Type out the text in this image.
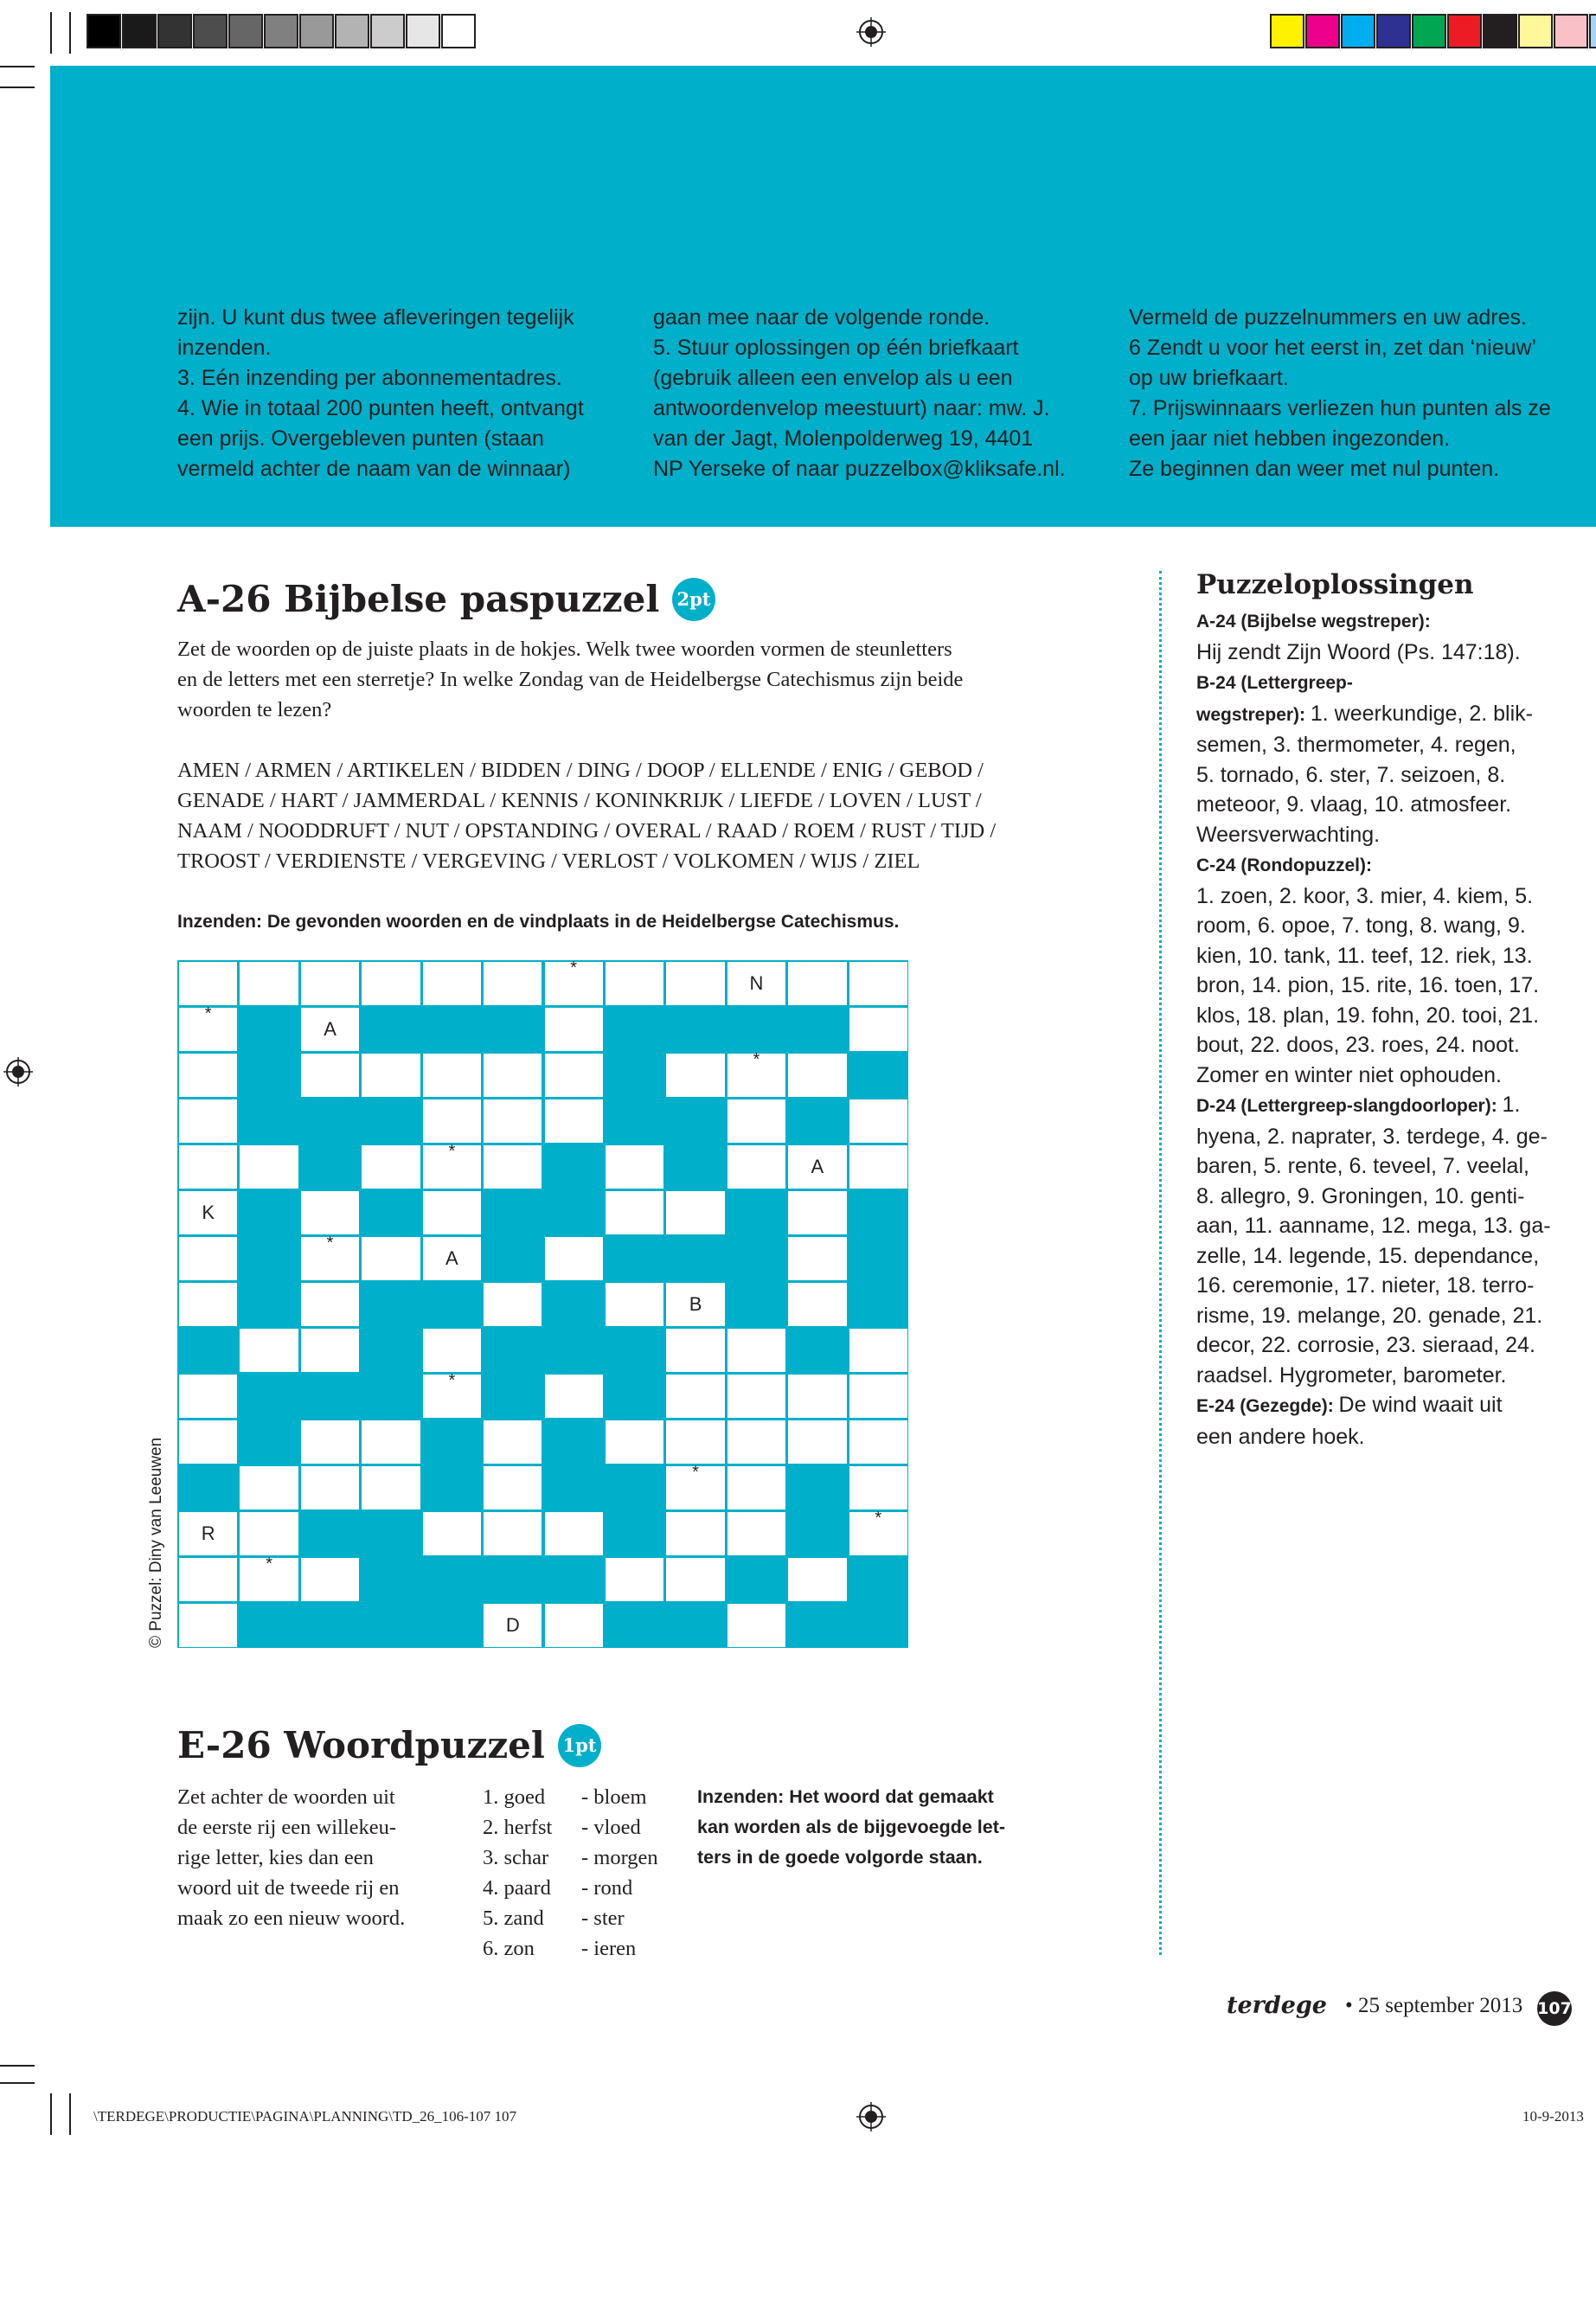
zijn. U kunt dus twee afleveringen tegelijk
inzenden.
3. Eén inzending per abonnementadres.
4. Wie in totaal 200 punten heeft, ontvangt
een prijs. Overgebleven punten (staan
vermeld achter de naam van de winnaar)
gaan mee naar de volgende ronde.
5. Stuur oplossingen op één briefkaart
(gebruik alleen een envelop als u een
antwoordenvelop meestuurt) naar: mw. J.
van der Jagt, Molenpolderweg 19, 4401
NP Yerseke of naar puzzelbox@kliksafe.nl.
Vermeld de puzzelnummers en uw adres.
6 Zendt u voor het eerst in, zet dan ‘nieuw’
op uw briefkaart.
7. Prijswinnaars verliezen hun punten als ze
een jaar niet hebben ingezonden.
Ze beginnen dan weer met nul punten.
A-26 Bijbelse paspuzzel 2pt
Zet de woorden op de juiste plaats in de hokjes. Welk twee woorden vormen de steunletters
en de letters met een sterretje? In welke Zondag van de Heidelbergse Catechismus zijn beide
woorden te lezen?
AMEN / ARMEN / ARTIKELEN / BIDDEN / DING / DOOP / ELLENDE / ENIG / GEBOD /
GENADE / HART / JAMMERDAL / KENNIS / KONINKRIJK / LIEFDE / LOVEN / LUST /
NAAM / NOODDRUFT / NUT / OPSTANDING / OVERAL / RAAD / ROEM / RUST / TIJD /
TROOST / VERDIENSTE / VERGEVING / VERLOST / VOLKOMEN / WIJS / ZIEL
Inzenden: De gevonden woorden en de vindplaats in de Heidelbergse Catechismus.
*
N
*
A
*
*
A
K
*
A
B
*
*
R
*
*
D
© Puzzel: Diny van Leeuwen
E-26 Woordpuzzel 1pt
Zet achter de woorden uit
de eerste rij een willekeu-
rige letter, kies dan een
woord uit de tweede rij en
maak zo een nieuw woord.
1. goed
2. herfst
3. schar
4. paard
5. zand
6. zon
- bloem
- vloed
- morgen
- rond
- ster
- ieren
Inzenden: Het woord dat gemaakt
kan worden als de bijgevoegde let-
ters in de goede volgorde staan.
Puzzeloplossingen
A-24 (Bijbelse wegstreper):
Hij zendt Zijn Woord (Ps. 147:18).
B-24 (Lettergreep-
wegstreper): 1. weerkundige, 2. blik-
semen, 3. thermometer, 4. regen,
5. tornado, 6. ster, 7. seizoen, 8.
meteoor, 9. vlaag, 10. atmosfeer.
Weersverwachting.
C-24 (Rondopuzzel):
1. zoen, 2. koor, 3. mier, 4. kiem, 5.
room, 6. opoe, 7. tong, 8. wang, 9.
kien, 10. tank, 11. teef, 12. riek, 13.
bron, 14. pion, 15. rite, 16. toen, 17.
klos, 18. plan, 19. fohn, 20. tooi, 21.
bout, 22. doos, 23. roes, 24. noot.
Zomer en winter niet ophouden.
D-24 (Lettergreep-slangdoorloper): 1.
hyena, 2. naprater, 3. terdege, 4. ge-
baren, 5. rente, 6. teveel, 7. veelal,
8. allegro, 9. Groningen, 10. genti-
aan, 11. aanname, 12. mega, 13. ga-
zelle, 14. legende, 15. dependance,
16. ceremonie, 17. nieter, 18. terro-
risme, 19. melange, 20. genade, 21.
decor, 22. corrosie, 23. sieraad, 24.
raadsel. Hygrometer, barometer.
E-24 (Gezegde): De wind waait uit
een andere hoek.
terdege • 25 september 2013 107
\TERDEGE\PRODUCTIE\PAGINA\PLANNING\TD_26_106-107 107	10-9-2013
